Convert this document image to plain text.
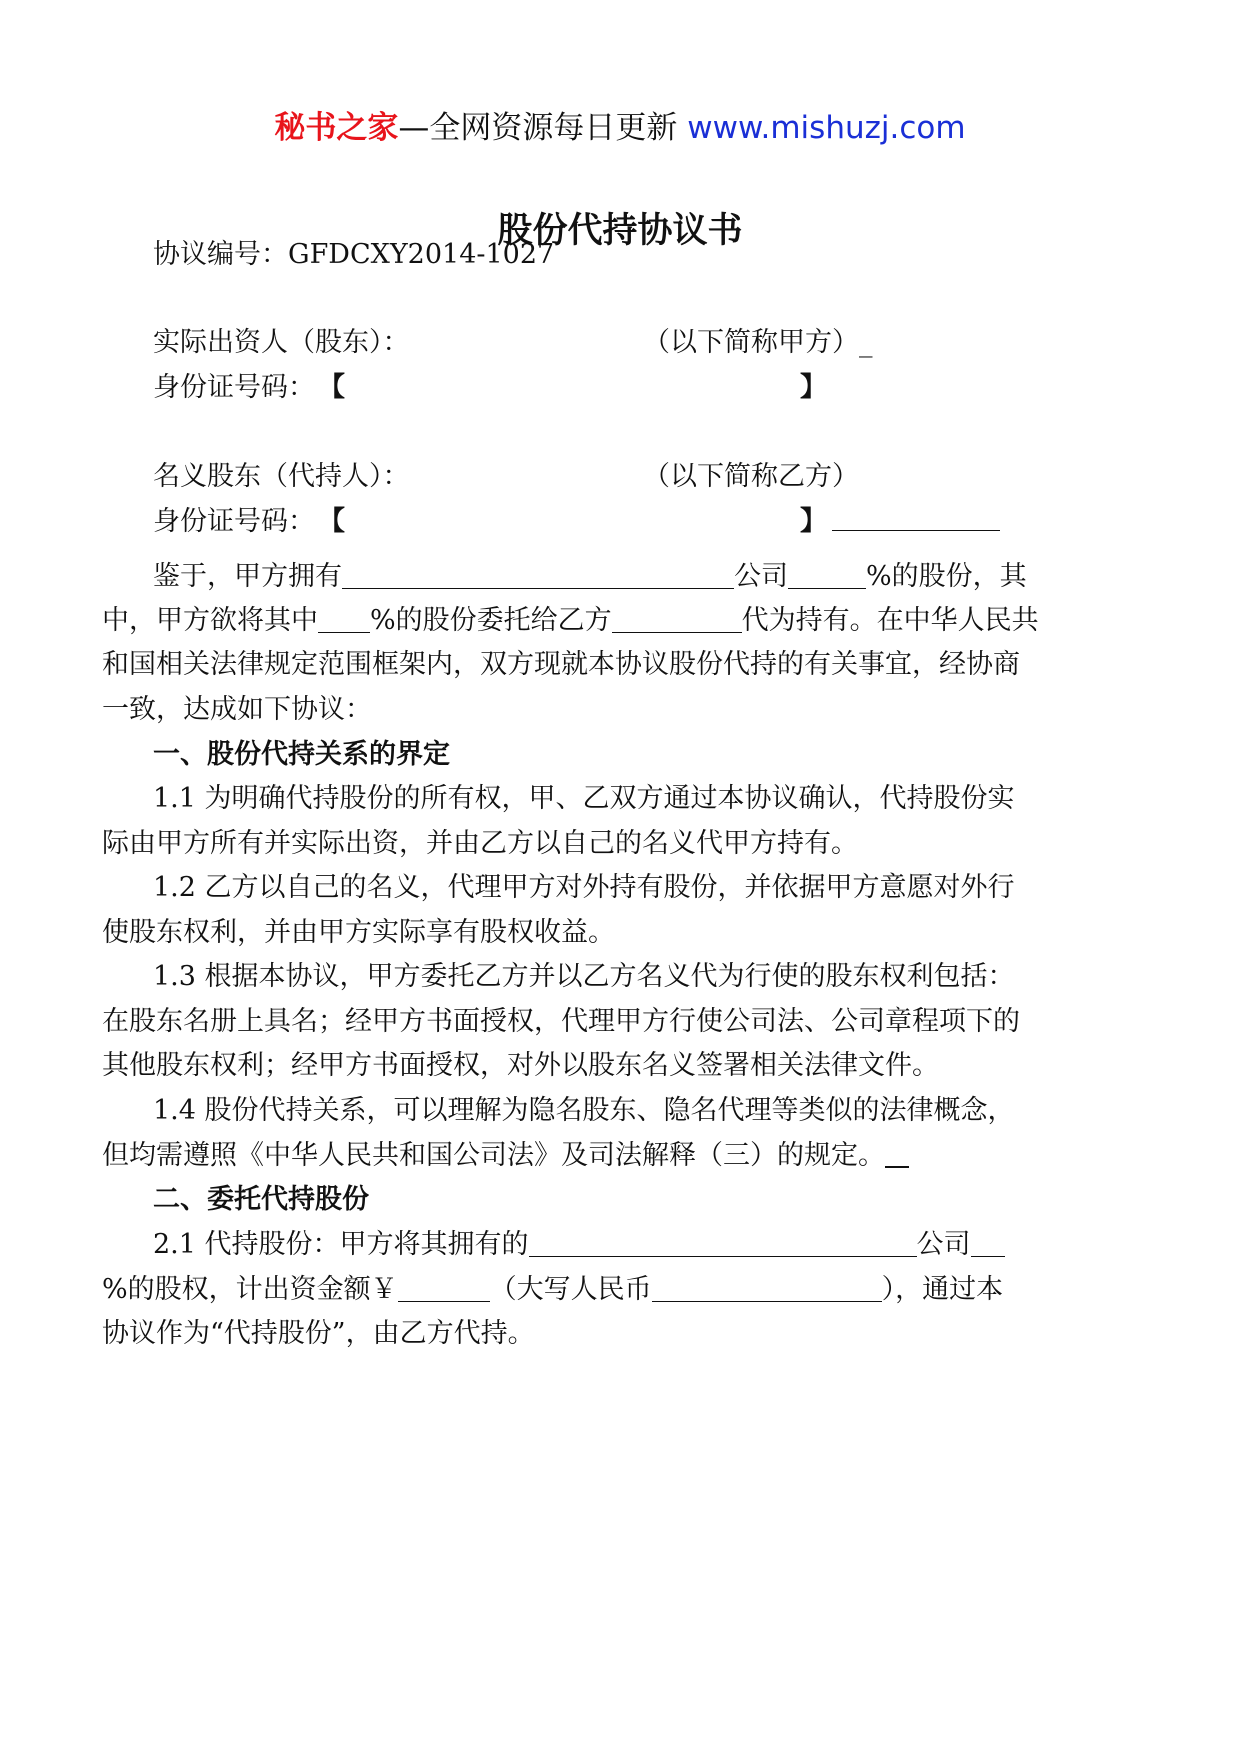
秘书之家—全网资源每日更新 www.mishuzj.com
股份代持协议书
协议编号：GFDCXY2014-1027
实际出资人（股东）：	（以下简称甲方）_
身份证号码： 【	】
名义股东（代持人）：	（以下简称乙方）
身份证号码： 【	】
鉴于，甲方拥有	公司	%的股份，其
中，甲方欲将其中 %的股份委托给乙方	代为持有。在中华人民共
和国相关法律规定范围框架内，双方现就本协议股份代持的有关事宜，经协商
一致，达成如下协议：
一、股份代持关系的界定
1.1 为明确代持股份的所有权，甲、乙双方通过本协议确认，代持股份实
际由甲方所有并实际出资，并由乙方以自己的名义代甲方持有。
1.2 乙方以自己的名义，代理甲方对外持有股份，并依据甲方意愿对外行
使股东权利，并由甲方实际享有股权收益。
1.3 根据本协议，甲方委托乙方并以乙方名义代为行使的股东权利包括：
在股东名册上具名；经甲方书面授权，代理甲方行使公司法、公司章程项下的
其他股东权利；经甲方书面授权，对外以股东名义签署相关法律文件。
1.4 股份代持关系，可以理解为隐名股东、隐名代理等类似的法律概念，
但均需遵照《中华人民共和国公司法》及司法解释（三）的规定。
二、委托代持股份
2.1 代持股份：甲方将其拥有的	公司
%的股权，计出资金额￥	（大写人民币	），通过本
协议作为“代持股份”，由乙方代持。
